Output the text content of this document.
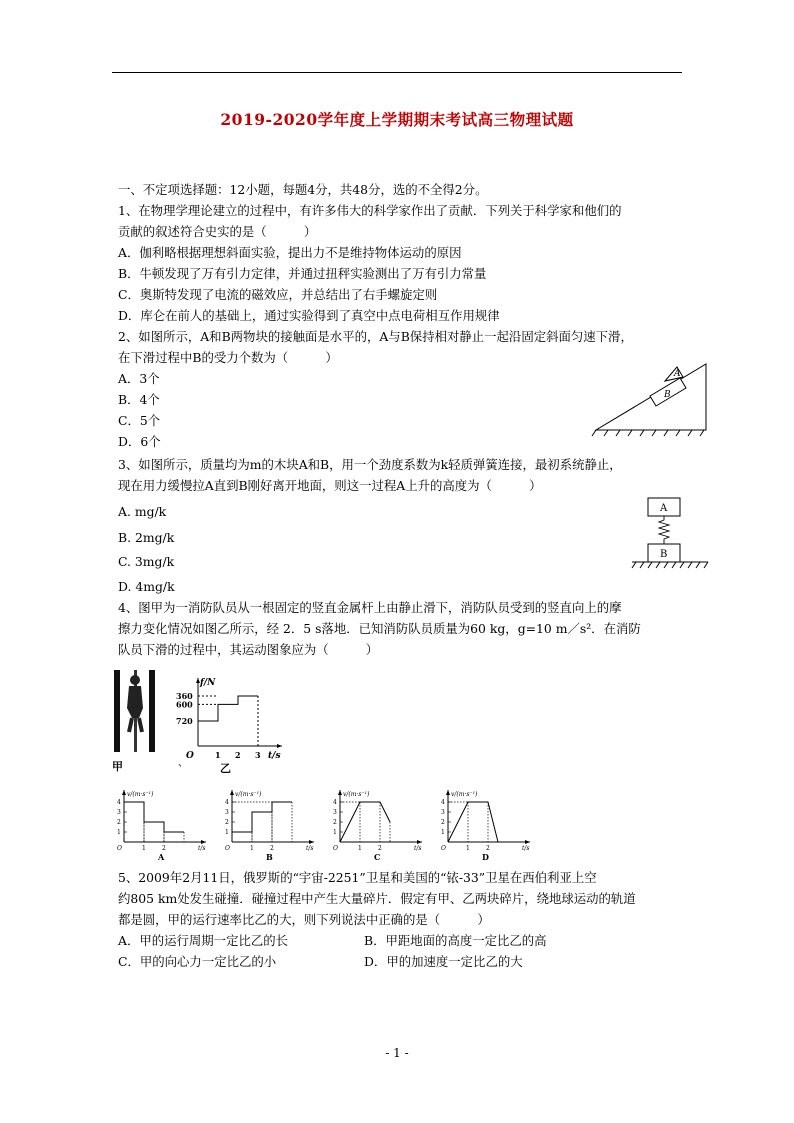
2019-2020学年度上学期期末考试高三物理试题
一、不定项选择题：12小题，每题4分，共48分，选的不全得2分。
1、在物理学理论建立的过程中，有许多伟大的科学家作出了贡献．下列关于科学家和他们的
贡献的叙述符合史实的是（　　　）
A．伽利略根据理想斜面实验，提出力不是维持物体运动的原因
B．牛顿发现了万有引力定律，并通过扭秤实验测出了万有引力常量
C．奥斯特发现了电流的磁效应，并总结出了右手螺旋定则
D．库仑在前人的基础上，通过实验得到了真空中点电荷相互作用规律
2、如图所示，A和B两物块的接触面是水平的，A与B保持相对静止一起沿固定斜面匀速下滑，
在下滑过程中B的受力个数为（　　　）
A．3个
B．4个
C．5个
D．6个
A
B
3、如图所示，质量均为m的木块A和B，用一个劲度系数为k轻质弹簧连接，最初系统静止，
现在用力缓慢拉A直到B刚好离开地面，则这一过程A上升的高度为（　　　）
A. mg/k
B. 2mg/k
C. 3mg/k
D. 4mg/k
A
B
4、图甲为一消防队员从一根固定的竖直金属杆上由静止滑下，消防队员受到的竖直向上的摩
擦力变化情况如图乙所示，经 2．5 s落地．已知消防队员质量为60 kg，g=10 m／s²．在消防
队员下滑的过程中，其运动图象应为（　　　）
甲	、
f/N
t/s
O
720
600
360
1 2 3
乙
v/(m·s⁻¹)
1
2
3
4
O	1	2	t/s
A
v/(m·s⁻¹)
1
2
3
4
O	1	2	t/s
B
v/(m·s⁻¹)
1
2
3
4
O	1	2	t/s
C
v/(m·s⁻¹)
1
2
3
4
O	1	2	t/s
D
5、2009年2月11日，俄罗斯的“宇宙-2251”卫星和美国的“铱-33”卫星在西伯利亚上空
约805 km处发生碰撞．碰撞过程中产生大量碎片．假定有甲、乙两块碎片，绕地球运动的轨道
都是圆，甲的运行速率比乙的大，则下列说法中正确的是（　　　）
A．甲的运行周期一定比乙的长	B．甲距地面的高度一定比乙的高
C．甲的向心力一定比乙的小	D．甲的加速度一定比乙的大
- 1 -
